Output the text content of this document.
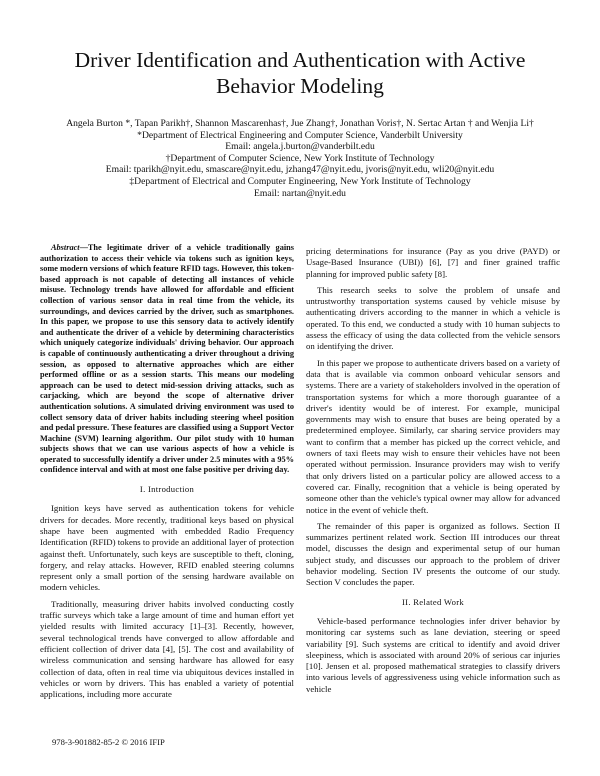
Driver Identification and Authentication with Active Behavior Modeling
Angela Burton *, Tapan Parikh†, Shannon Mascarenhas†, Jue Zhang†, Jonathan Voris†, N. Sertac Artan † and Wenjia Li†
*Department of Electrical Engineering and Computer Science, Vanderbilt University
Email: angela.j.burton@vanderbilt.edu
†Department of Computer Science, New York Institute of Technology
Email: tparikh@nyit.edu, smascare@nyit.edu, jzhang47@nyit.edu, jvoris@nyit.edu, wli20@nyit.edu
‡Department of Electrical and Computer Engineering, New York Institute of Technology
Email: nartan@nyit.edu

Abstract—The legitimate driver of a vehicle traditionally gains authorization to access their vehicle via tokens such as ignition keys, some modern versions of which feature RFID tags. However, this token-based approach is not capable of detecting all instances of vehicle misuse. Technology trends have allowed for affordable and efficient collection of various sensor data in real time from the vehicle, its surroundings, and devices carried by the driver, such as smartphones. In this paper, we propose to use this sensory data to actively identify and authenticate the driver of a vehicle by determining characteristics which uniquely categorize individuals' driving behavior. Our approach is capable of continuously authenticating a driver throughout a driving session, as opposed to alternative approaches which are either performed offline or as a session starts. This means our modeling approach can be used to detect mid-session driving attacks, such as carjacking, which are beyond the scope of alternative driver authentication solutions. A simulated driving environment was used to collect sensory data of driver habits including steering wheel position and pedal pressure. These features are classified using a Support Vector Machine (SVM) learning algorithm. Our pilot study with 10 human subjects shows that we can use various aspects of how a vehicle is operated to successfully identify a driver under 2.5 minutes with a 95% confidence interval and with at most one false positive per driving day.

I. Introduction

Ignition keys have served as authentication tokens for vehicle drivers for decades. More recently, traditional keys based on physical shape have been augmented with embedded Radio Frequency Identification (RFID) tokens to provide an additional layer of protection against theft. Unfortunately, such keys are susceptible to theft, cloning, forgery, and relay attacks. However, RFID enabled steering columns represent only a small portion of the sensing hardware available on modern vehicles.

Traditionally, measuring driver habits involved conducting costly traffic surveys which take a large amount of time and human effort yet yielded results with limited accuracy [1]–[3]. Recently, however, several technological trends have converged to allow affordable and efficient collection of driver data [4], [5]. The cost and availability of wireless communication and sensing hardware has allowed for easy collection of data, often in real time via ubiquitous devices installed in vehicles or worn by drivers. This has enabled a variety of potential applications, including more accurate

pricing determinations for insurance (Pay as you drive (PAYD) or Usage-Based Insurance (UBI)) [6], [7] and finer grained traffic planning for improved public safety [8].

This research seeks to solve the problem of unsafe and untrustworthy transportation systems caused by vehicle misuse by authenticating drivers according to the manner in which a vehicle is operated. To this end, we conducted a study with 10 human subjects to assess the efficacy of using the data collected from the vehicle sensors on identifying the driver.

In this paper we propose to authenticate drivers based on a variety of data that is available via common onboard vehicular sensors and systems. There are a variety of stakeholders involved in the operation of transportation systems for which a more thorough guarantee of a driver's identity would be of interest. For example, municipal governments may wish to ensure that buses are being operated by a predetermined employee. Similarly, car sharing service providers may want to confirm that a member has picked up the correct vehicle, and owners of taxi fleets may wish to ensure their vehicles have not been operated without permission. Insurance providers may wish to verify that only drivers listed on a particular policy are allowed access to a covered car. Finally, recognition that a vehicle is being operated by someone other than the vehicle's typical owner may allow for advanced notice in the event of vehicle theft.

The remainder of this paper is organized as follows. Section II summarizes pertinent related work. Section III introduces our threat model, discusses the design and experimental setup of our human subject study, and discusses our approach to the problem of driver behavior modeling. Section IV presents the outcome of our study. Section V concludes the paper.

II. Related Work

Vehicle-based performance technologies infer driver behavior by monitoring car systems such as lane deviation, steering or speed variability [9]. Such systems are critical to identify and avoid driver sleepiness, which is associated with around 20% of serious car injuries [10]. Jensen et al. proposed mathematical strategies to classify drivers into various levels of aggressiveness using vehicle information such as vehicle

978-3-901882-85-2 © 2016 IFIP
